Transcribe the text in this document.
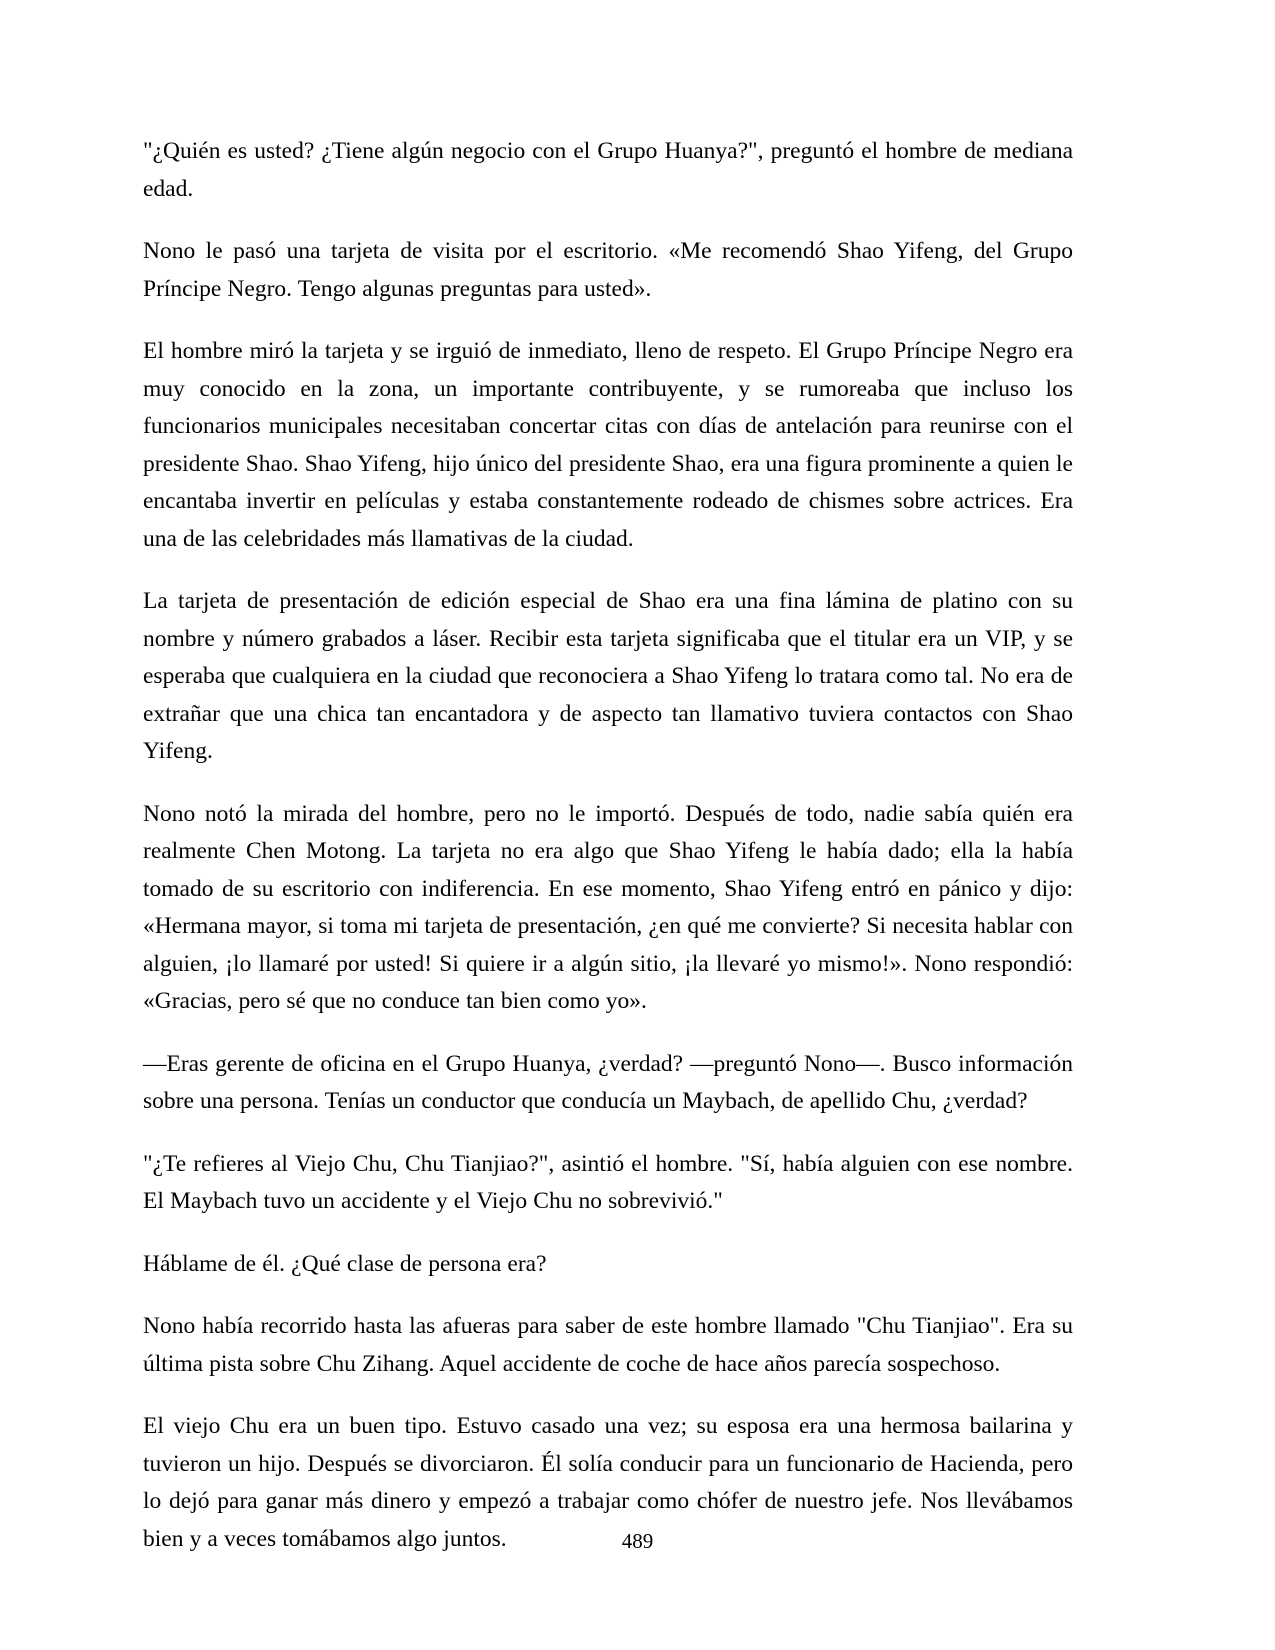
"¿Quién es usted? ¿Tiene algún negocio con el Grupo Huanya?", preguntó el hombre de mediana edad.

Nono le pasó una tarjeta de visita por el escritorio. «Me recomendó Shao Yifeng, del Grupo Príncipe Negro. Tengo algunas preguntas para usted».

El hombre miró la tarjeta y se irguió de inmediato, lleno de respeto. El Grupo Príncipe Negro era muy conocido en la zona, un importante contribuyente, y se rumoreaba que incluso los funcionarios municipales necesitaban concertar citas con días de antelación para reunirse con el presidente Shao. Shao Yifeng, hijo único del presidente Shao, era una figura prominente a quien le encantaba invertir en películas y estaba constantemente rodeado de chismes sobre actrices. Era una de las celebridades más llamativas de la ciudad.

La tarjeta de presentación de edición especial de Shao era una fina lámina de platino con su nombre y número grabados a láser. Recibir esta tarjeta significaba que el titular era un VIP, y se esperaba que cualquiera en la ciudad que reconociera a Shao Yifeng lo tratara como tal. No era de extrañar que una chica tan encantadora y de aspecto tan llamativo tuviera contactos con Shao Yifeng.

Nono notó la mirada del hombre, pero no le importó. Después de todo, nadie sabía quién era realmente Chen Motong. La tarjeta no era algo que Shao Yifeng le había dado; ella la había tomado de su escritorio con indiferencia. En ese momento, Shao Yifeng entró en pánico y dijo: «Hermana mayor, si toma mi tarjeta de presentación, ¿en qué me convierte? Si necesita hablar con alguien, ¡lo llamaré por usted! Si quiere ir a algún sitio, ¡la llevaré yo mismo!». Nono respondió: «Gracias, pero sé que no conduce tan bien como yo».

—Eras gerente de oficina en el Grupo Huanya, ¿verdad? —preguntó Nono—. Busco información sobre una persona. Tenías un conductor que conducía un Maybach, de apellido Chu, ¿verdad?

"¿Te refieres al Viejo Chu, Chu Tianjiao?", asintió el hombre. "Sí, había alguien con ese nombre. El Maybach tuvo un accidente y el Viejo Chu no sobrevivió."

Háblame de él. ¿Qué clase de persona era?

Nono había recorrido hasta las afueras para saber de este hombre llamado "Chu Tianjiao". Era su última pista sobre Chu Zihang. Aquel accidente de coche de hace años parecía sospechoso.

El viejo Chu era un buen tipo. Estuvo casado una vez; su esposa era una hermosa bailarina y tuvieron un hijo. Después se divorciaron. Él solía conducir para un funcionario de Hacienda, pero lo dejó para ganar más dinero y empezó a trabajar como chófer de nuestro jefe. Nos llevábamos bien y a veces tomábamos algo juntos.	489
